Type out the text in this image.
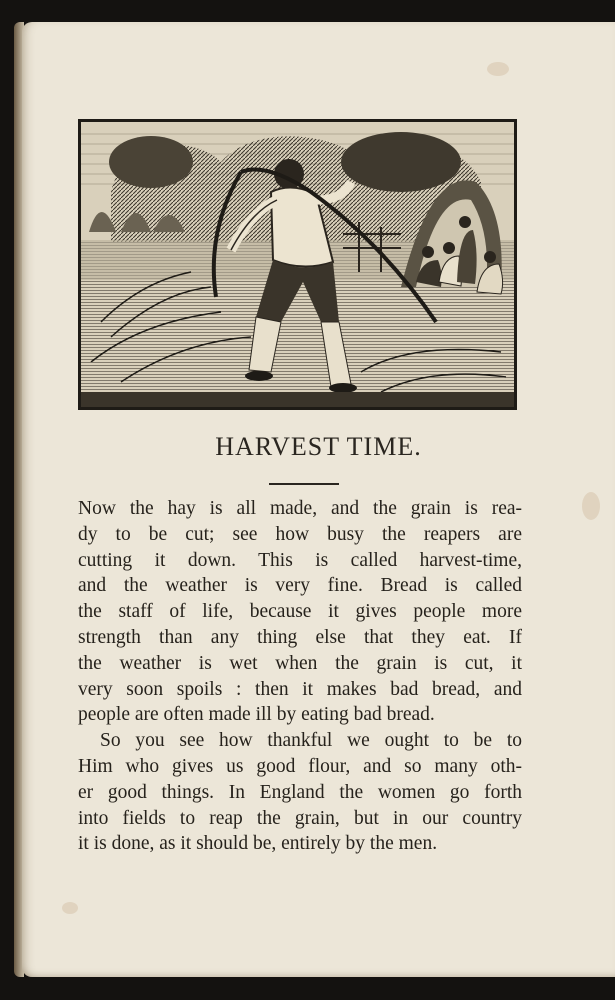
HARVEST TIME.
Now the hay is all made, and the grain is rea-
dy to be cut; see how busy the reapers are
cutting it down. This is called harvest-time,
and the weather is very fine. Bread is called
the staff of life, because it gives people more
strength than any thing else that they eat. If
the weather is wet when the grain is cut, it
very soon spoils : then it makes bad bread, and
people are often made ill by eating bad bread.
So you see how thankful we ought to be to
Him who gives us good flour, and so many oth-
er good things. In England the women go forth
into fields to reap the grain, but in our country
it is done, as it should be, entirely by the men.
